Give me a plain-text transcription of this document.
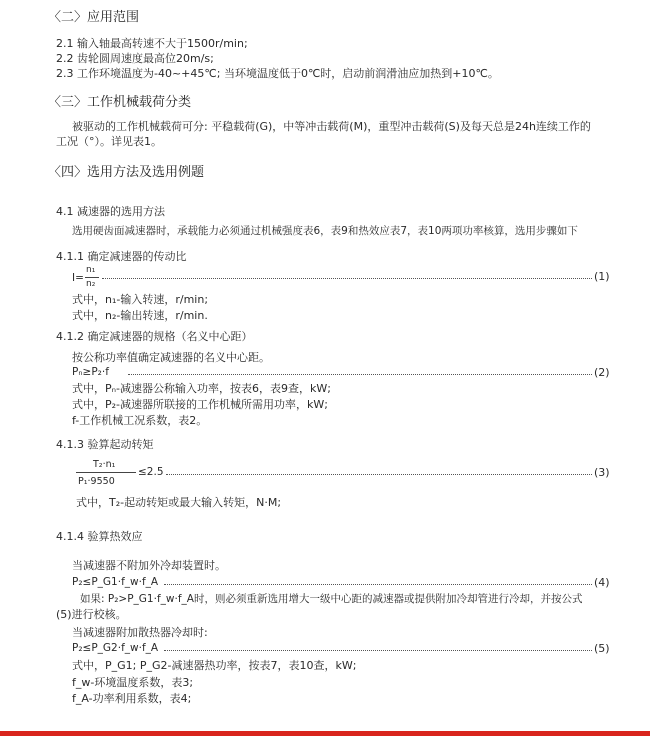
〈二〉应用范围
2.1 输入轴最高转速不大于1500r/min;
2.2 齿轮圆周速度最高位20m/s;
2.3 工作环境温度为-40~+45℃; 当环境温度低于0℃时，启动前润滑油应加热到+10℃。
〈三〉工作机械载荷分类
被驱动的工作机械载荷可分: 平稳载荷(G)，中等冲击载荷(M)，重型冲击载荷(S)及每天总是24h连续工作的
工况（°）。详见表1。
〈四〉选用方法及选用例题
4.1 减速器的选用方法
选用硬齿面减速器时，承载能力必须通过机械强度表6，表9和热效应表7，表10两项功率核算，选用步骤如下
4.1.1 确定减速器的传动比
I=
n₁
n₂
(1)
式中，n₁-输入转速，r/min;
式中，n₂-输出转速，r/min.
4.1.2 确定减速器的规格（名义中心距）
按公称功率值确定减速器的名义中心距。
Pₙ≥P₂·f	(2)
式中，Pₙ-减速器公称输入功率，按表6，表9查，kW;
式中，P₂-减速器所联接的工作机械所需用功率，kW;
f-工作机械工况系数，表2。
4.1.3 验算起动转矩
T₂·n₁
P₁·9550
≤2.5	(3)
式中，T₂-起动转矩或最大输入转矩，N·M;
4.1.4 验算热效应
当减速器不附加外冷却装置时。
P₂≤P_G1·f_w·f_A	(4)
如果: P₂>P_G1·f_w·f_A时，则必须重新选用增大一级中心距的减速器或提供附加冷却管进行冷却，并按公式
(5)进行校核。
当减速器附加散热器冷却时:
P₂≤P_G2·f_w·f_A	(5)
式中，P_G1; P_G2-减速器热功率，按表7，表10查，kW;
f_w-环境温度系数，表3;
f_A-功率利用系数，表4;
